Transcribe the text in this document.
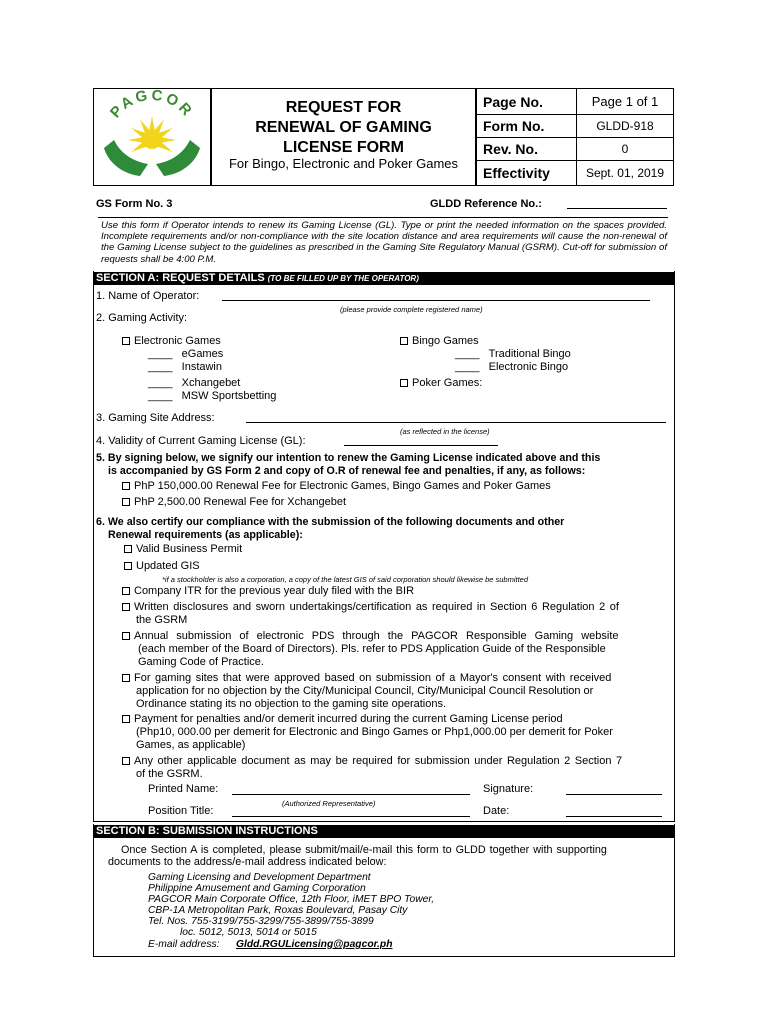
PAGCOR	REQUEST FOR
RENEWAL OF GAMING
LICENSE FORM
For Bingo, Electronic and Poker Games
Page No.	Page 1 of 1
Form No.	GLDD-918
Rev. No.	0
Effectivity	Sept. 01, 2019
GS Form No. 3	GLDD Reference No.:
Use this form if Operator intends to renew its Gaming License (GL). Type or print the needed information on the spaces provided. Incomplete requirements and/or non-compliance with the site location distance and area requirements will cause the non-renewal of the Gaming License subject to the guidelines as prescribed in the Gaming Site Regulatory Manual (GSRM). Cut-off for submission of requests shall be 4:00 P.M.
SECTION A: REQUEST DETAILS (TO BE FILLED UP BY THE OPERATOR)
1. Name of Operator:
(please provide complete registered name)
2. Gaming Activity:
Electronic Games
____   eGames
____   Instawin
____   Xchangebet
____   MSW Sportsbetting
Bingo Games
____   Traditional Bingo
____   Electronic Bingo
Poker Games:
3. Gaming Site Address:
(as reflected in the license)
4. Validity of Current Gaming License (GL):
5. By signing below, we signify our intention to renew the Gaming License indicated above and this
is accompanied by GS Form 2 and copy of O.R of renewal fee and penalties, if any, as follows:
PhP 150,000.00 Renewal Fee for Electronic Games, Bingo Games and Poker Games
PhP 2,500.00 Renewal Fee for Xchangebet
6. We also certify our compliance with the submission of the following documents and other
Renewal requirements (as applicable):
Valid Business Permit
Updated GIS
*if a stockholder is also a corporation, a copy of the latest GIS of said corporation should likewise be submitted
Company ITR for the previous year duly filed with the BIR
Written disclosures and sworn undertakings/certification as required in Section 6 Regulation 2 of
the GSRM
Annual submission of electronic PDS through the PAGCOR Responsible Gaming website
(each member of the Board of Directors). Pls. refer to PDS Application Guide of the Responsible
Gaming Code of Practice.
For gaming sites that were approved based on submission of a Mayor's consent with received
application for no objection by the City/Municipal Council, City/Municipal Council Resolution or
Ordinance stating its no objection to the gaming site operations.
Payment for penalties and/or demerit incurred during the current Gaming License period
(Php10, 000.00 per demerit for Electronic and Bingo Games or Php1,000.00 per demerit for Poker
Games, as applicable)
Any other applicable document as may be required for submission under Regulation 2 Section 7
of the GSRM.
Printed Name:
(Authorized Representative)
Signature:
Position Title:	Date:
SECTION B: SUBMISSION INSTRUCTIONS
Once Section A is completed, please submit/mail/e-mail this form to GLDD together with supporting
documents to the address/e-mail address indicated below:
Gaming Licensing and Development Department
Philippine Amusement and Gaming Corporation
PAGCOR Main Corporate Office, 12th Floor, iMET BPO Tower,
CBP-1A Metropolitan Park, Roxas Boulevard, Pasay City
Tel. Nos. 755-3199/755-3299/755-3899/755-3899
loc. 5012, 5013, 5014 or 5015
E-mail address: Gldd.RGULicensing@pagcor.ph
